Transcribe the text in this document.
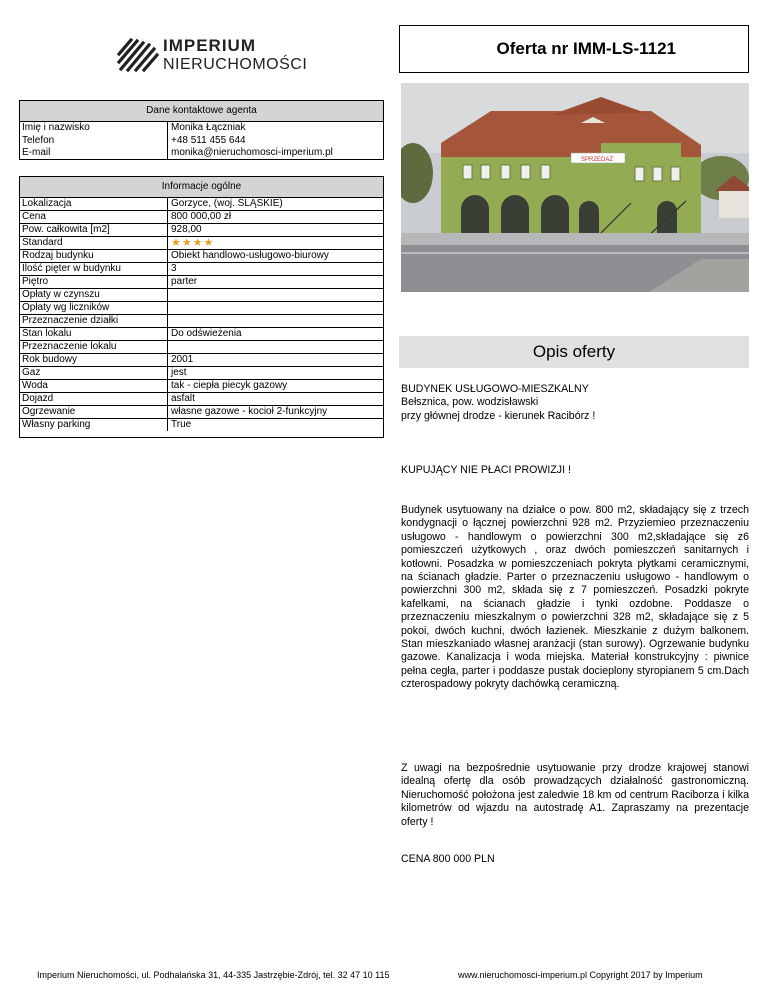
IMPERIUM
NIERUCHOMOŚCI
Oferta nr IMM-LS-1121
Dane kontaktowe agenta
Imię i nazwisko	Monika Łączniak
Telefon	+48 511 455 644
E-mail	monika@nieruchomosci-imperium.pl
Informacje ogólne
Lokalizacja	Gorzyce, (woj. ŚLĄSKIE)
Cena	800 000,00 zł
Pow. całkowita [m2]	928,00
Standard	★★★★
Rodzaj budynku	Obiekt handlowo-usługowo-biurowy
Ilość pięter w budynku	3
Piętro	parter
Opłaty w czynszu
Opłaty wg liczników
Przeznaczenie działki
Stan lokalu	Do odświeżenia
Przeznaczenie lokalu
Rok budowy	2001
Gaz	jest
Woda	tak - ciepła piecyk gazowy
Dojazd	asfalt
Ogrzewanie	własne gazowe - kocioł 2-funkcyjny
Własny parking	True
SPRZEDAŻ
Opis oferty
BUDYNEK USŁUGOWO-MIESZKALNY
Bełsznica, pow. wodzisławski
przy głównej drodze - kierunek Racibórz !
KUPUJĄCY NIE PŁACI PROWIZJI !
Budynek usytuowany na działce o pow. 800 m2, składający się z trzech kondygnacji o łącznej powierzchni 928 m2. Przyziemieo przeznaczeniu usługowo - handlowym o powierzchni 300 m2,składające się z6 pomieszczeń użytkowych , oraz dwóch pomieszczeń sanitarnych i kotłowni. Posadzka w pomieszczeniach pokryta płytkami ceramicznymi, na ścianach gładzie. Parter o przeznaczeniu usługowo - handlowym o powierzchni 300 m2, składa się z 7 pomieszczeń. Posadzki pokryte kafelkami, na ścianach gładzie i tynki ozdobne. Poddasze o przeznaczeniu mieszkalnym o powierzchni 328 m2, składające się z 5 pokoi, dwóch kuchni, dwóch łazienek. Mieszkanie z dużym balkonem. Stan mieszkaniado własnej aranżacji (stan surowy). Ogrzewanie budynku gazowe. Kanalizacja i woda miejska. Materiał konstrukcyjny : piwnice pełna cegła, parter i poddasze pustak docieplony styropianem 5 cm.Dach czterospadowy pokryty dachówką ceramiczną.
Z uwagi na bezpośrednie usytuowanie przy drodze krajowej stanowi idealną ofertę dla osób prowadzących działalność gastronomiczną. Nieruchomość położona jest zaledwie 18 km od centrum Raciborza i kilka kilometrów od wjazdu na autostradę A1. Zapraszamy na prezentacje oferty !
CENA 800 000 PLN
Imperium Nieruchomości, ul. Podhalańska 31, 44-335 Jastrzębie-Zdrój, tel. 32 47 10 115	www.nieruchomosci-imperium.pl Copyright 2017 by Imperium
